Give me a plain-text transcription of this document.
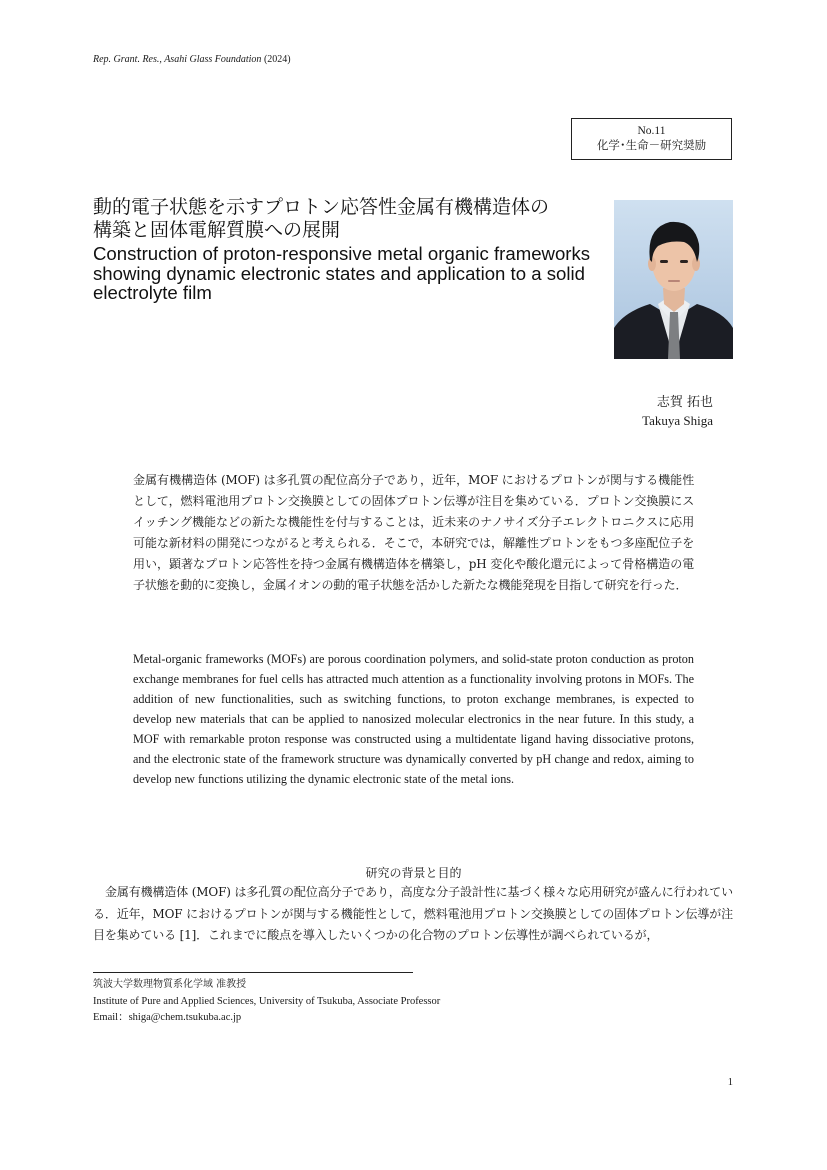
Rep. Grant. Res., Asahi Glass Foundation (2024)
No.11
化学･生命－研究奨励
動的電子状態を示すプロトン応答性金属有機構造体の
構築と固体電解質膜への展開
Construction of proton-responsive metal organic frameworks showing dynamic electronic states and application to a solid electrolyte film
志賀 拓也
Takuya Shiga
金属有機構造体 (MOF) は多孔質の配位高分子であり，近年，MOF におけるプロトンが関与する機能性として，燃料電池用プロトン交換膜としての固体プロトン伝導が注目を集めている．プロトン交換膜にスイッチング機能などの新たな機能性を付与することは，近未来のナノサイズ分子エレクトロニクスに応用可能な新材料の開発につながると考えられる．そこで，本研究では，解離性プロトンをもつ多座配位子を用い，顕著なプロトン応答性を持つ金属有機構造体を構築し，pH 変化や酸化還元によって骨格構造の電子状態を動的に変換し，金属イオンの動的電子状態を活かした新たな機能発現を目指して研究を行った．
Metal-organic frameworks (MOFs) are porous coordination polymers, and solid-state proton conduction as proton exchange membranes for fuel cells has attracted much attention as a functionality involving protons in MOFs. The addition of new functionalities, such as switching functions, to proton exchange membranes, is expected to develop new materials that can be applied to nanosized molecular electronics in the near future. In this study, a MOF with remarkable proton response was constructed using a multidentate ligand having dissociative protons, and the electronic state of the framework structure was dynamically converted by pH change and redox, aiming to develop new functions utilizing the dynamic electronic state of the metal ions.
研究の背景と目的
金属有機構造体 (MOF) は多孔質の配位高分子であり，高度な分子設計性に基づく様々な応用研究が盛んに行われている．近年，MOF におけるプロトンが関与する機能性として，燃料電池用プロトン交換膜としての固体プロトン伝導が注目を集めている [1]．これまでに酸点を導入したいくつかの化合物のプロトン伝導性が調べられているが，
筑波大学数理物質系化学域 准教授
Institute of Pure and Applied Sciences, University of Tsukuba, Associate Professor
Email：shiga@chem.tsukuba.ac.jp
1
